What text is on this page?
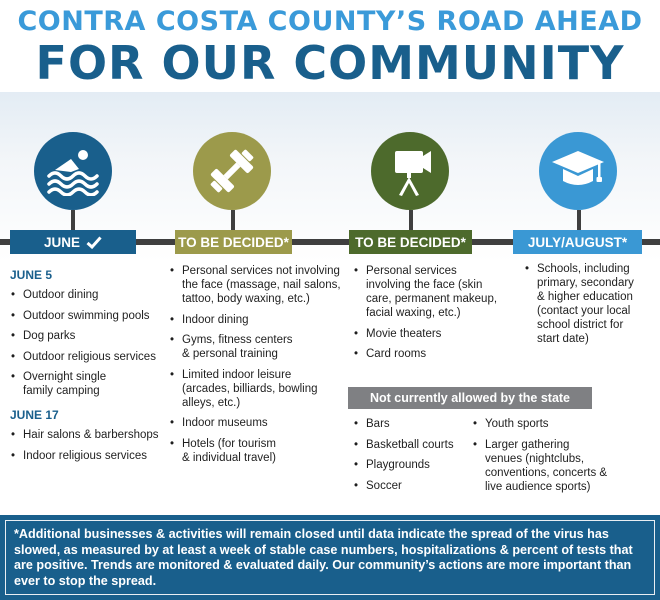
CONTRA COSTA COUNTY’S ROAD AHEAD
FOR OUR COMMUNITY
JUNE	TO BE DECIDED*	TO BE DECIDED*	JULY/AUGUST*
JUNE 5
• Outdoor dining
• Outdoor swimming pools
• Dog parks
• Outdoor religious services
• Overnight single
family camping
JUNE 17
• Hair salons & barbershops
• Indoor religious services
• Personal services not involving
the face (massage, nail salons,
tattoo, body waxing, etc.)
• Indoor dining
• Gyms, fitness centers
& personal training
• Limited indoor leisure
(arcades, billiards, bowling
alleys, etc.)
• Indoor museums
• Hotels (for tourism
& individual travel)
• Personal services
involving the face (skin
care, permanent makeup,
facial waxing, etc.)
• Movie theaters
• Card rooms
• Schools, including
primary, secondary
& higher education
(contact your local
school district for
start date)
Not currently allowed by the state
• Bars
• Basketball courts
• Playgrounds
• Soccer
• Youth sports
• Larger gathering
venues (nightclubs,
conventions, concerts &
live audience sports)
*Additional businesses & activities will remain closed until data indicate the spread of the virus has slowed, as measured by at least a week of stable case numbers, hospitalizations & percent of tests that are positive. Trends are monitored & evaluated daily. Our community’s actions are more important than ever to stop the spread.
